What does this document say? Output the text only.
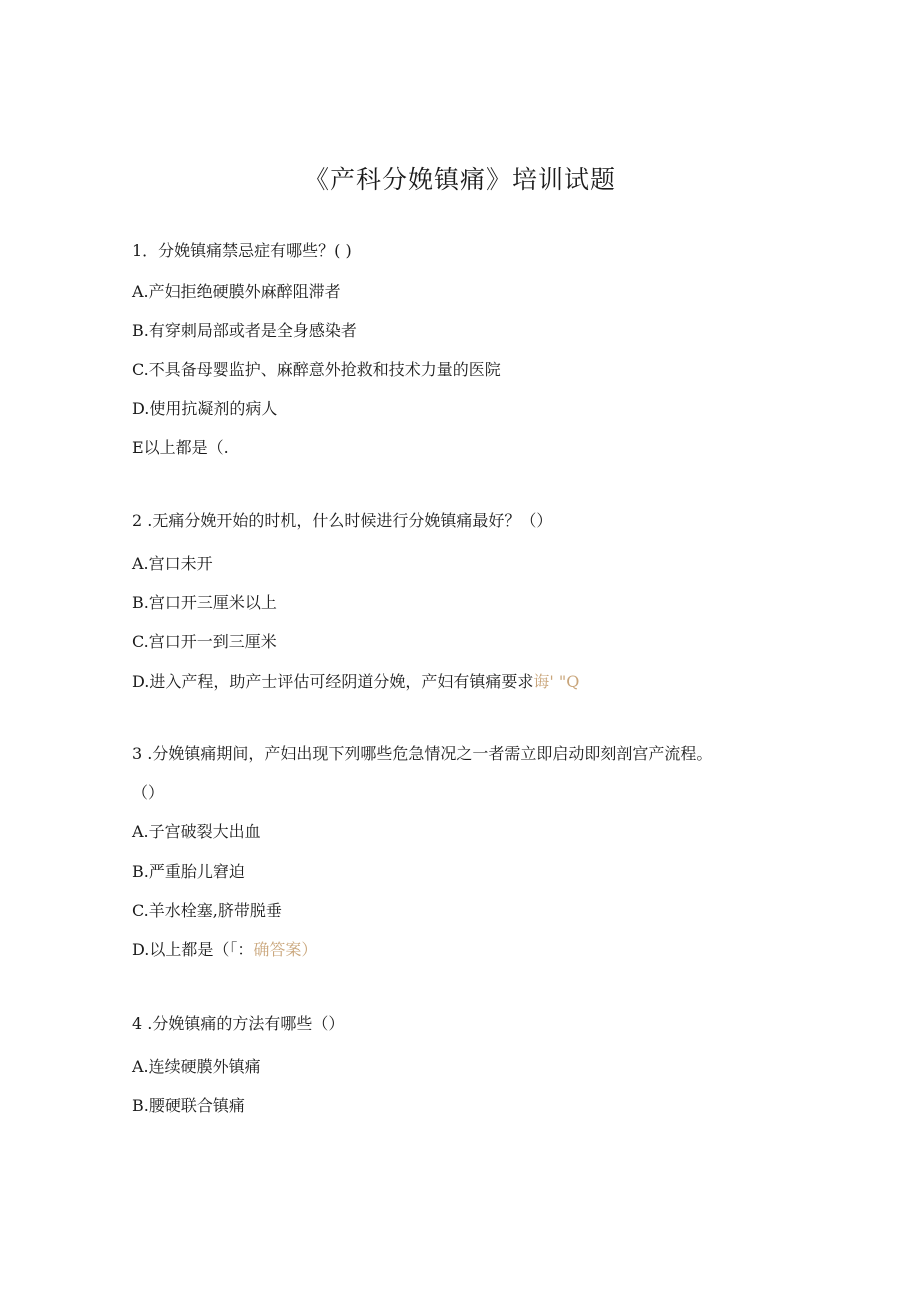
《产科分娩镇痛》培训试题
1．分娩镇痛禁忌症有哪些？( )
A.产妇拒绝硬膜外麻醉阻滞者
B.有穿刺局部或者是全身感染者
C.不具备母婴监护、麻醉意外抢救和技术力量的医院
D.使用抗凝剂的病人
E以上都是（.
2 .无痛分娩开始的时机，什么时候进行分娩镇痛最好？（）
A.宫口未开
B.宫口开三厘米以上
C.宫口开一到三厘米
D.进入产程，助产士评估可经阴道分娩，产妇有镇痛要求诲' "Q
3 .分娩镇痛期间，产妇出现下列哪些危急情况之一者需立即启动即刻剖宫产流程。
（）
A.子宫破裂大出血
B.严重胎儿窘迫
C.羊水栓塞,脐带脱垂
D.以上都是（「：确答案）
4 .分娩镇痛的方法有哪些（）
A.连续硬膜外镇痛
B.腰硬联合镇痛
